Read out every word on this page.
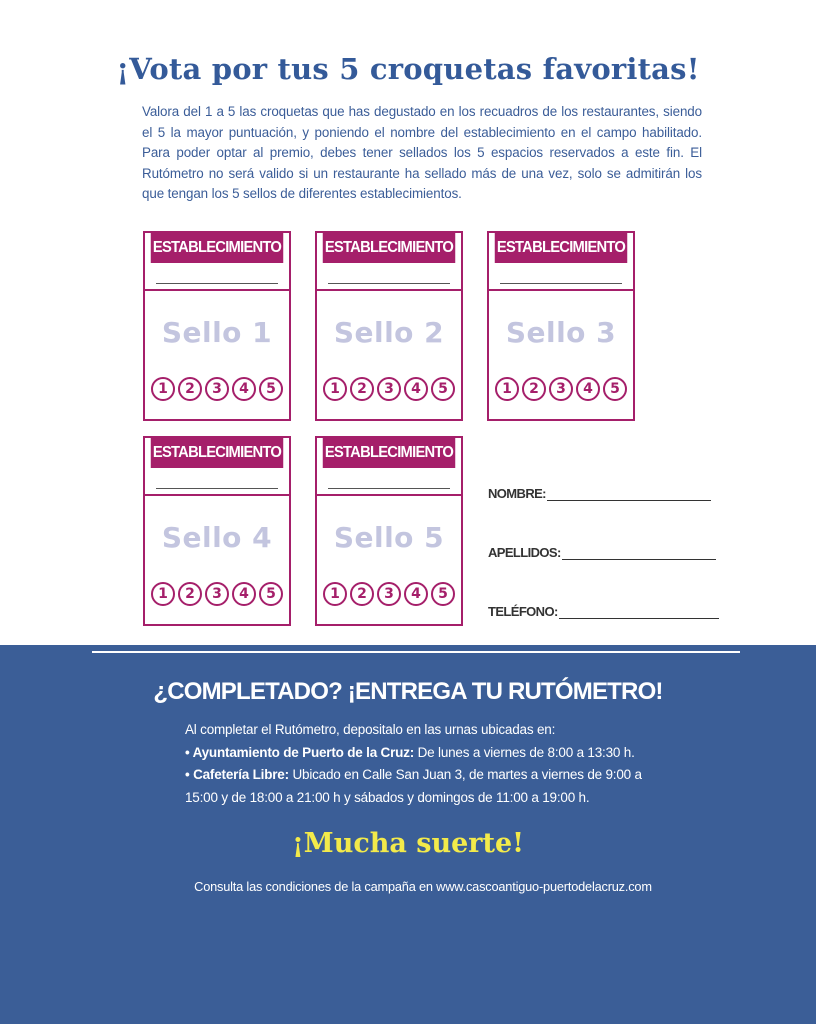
¡Vota por tus 5 croquetas favoritas!

Valora del 1 a 5 las croquetas que has degustado en los recuadros de los restaurantes, siendo el 5 la mayor puntuación, y poniendo el nombre del establecimiento en el campo habilitado. Para poder optar al premio, debes tener sellados los 5 espacios reservados a este fin. El Rutómetro no será valido si un restaurante ha sellado más de una vez, solo se admitirán los que tengan los 5 sellos de diferentes establecimientos.

ESTABLECIMIENTO
Sello 1
1	2	3	4	5
ESTABLECIMIENTO
Sello 2
1	2	3	4	5
ESTABLECIMIENTO
Sello 3
1	2	3	4	5
ESTABLECIMIENTO
Sello 4
1	2	3	4	5
ESTABLECIMIENTO
Sello 5
1	2	3	4	5
NOMBRE:
APELLIDOS:
TELÉFONO:
¿COMPLETADO? ¡ENTREGA TU RUTÓMETRO!
Al completar el Rutómetro, depositalo en las urnas ubicadas en:
• Ayuntamiento de Puerto de la Cruz: De lunes a viernes de 8:00 a 13:30 h.
• Cafetería Libre: Ubicado en Calle San Juan 3, de martes a viernes de 9:00 a 15:00 y de 18:00 a 21:00 h y sábados y domingos de 11:00 a 19:00 h.
¡Mucha suerte!
Consulta las condiciones de la campaña en www.cascoantiguo-puertodelacruz.com
